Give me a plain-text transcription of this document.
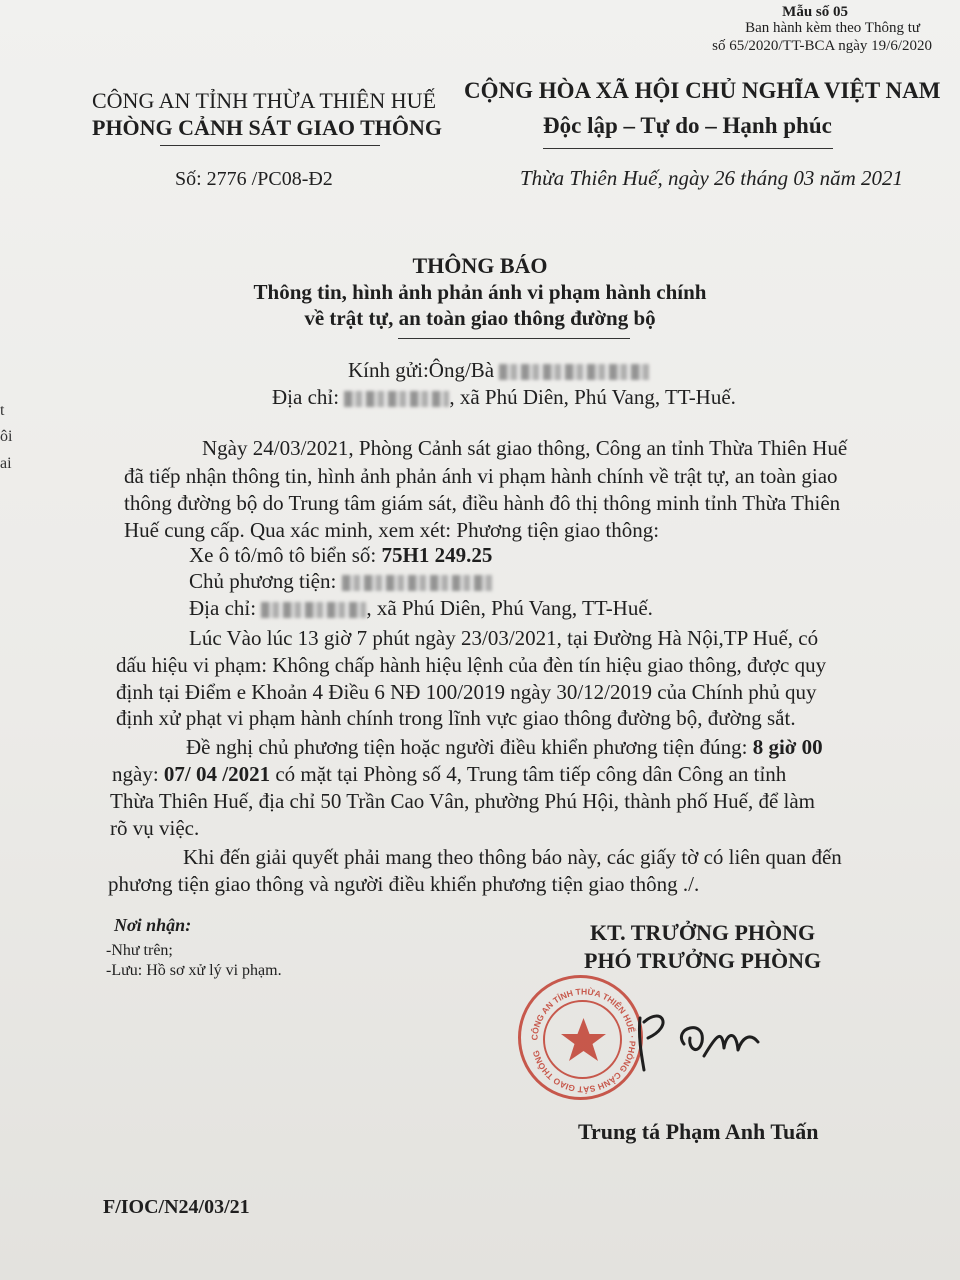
t
ôi
ai
Mẫu số 05
Ban hành kèm theo Thông tư
số 65/2020/TT-BCA ngày 19/6/2020
CÔNG AN TỈNH THỪA THIÊN HUẾ
PHÒNG CẢNH SÁT GIAO THÔNG
Số: 2776 /PC08-Đ2
CỘNG HÒA XÃ HỘI CHỦ NGHĨA VIỆT NAM
Độc lập – Tự do – Hạnh phúc
Thừa Thiên Huế, ngày 26 tháng 03 năm 2021
THÔNG BÁO
Thông tin, hình ảnh phản ánh vi phạm hành chính
về trật tự, an toàn giao thông đường bộ
Kính gửi:Ông/Bà
Địa chỉ:	, xã Phú Diên, Phú Vang, TT-Huế.
Ngày 24/03/2021, Phòng Cảnh sát giao thông, Công an tỉnh Thừa Thiên Huế
đã tiếp nhận thông tin, hình ảnh phản ánh vi phạm hành chính về trật tự, an toàn giao
thông đường bộ do Trung tâm giám sát, điều hành đô thị thông minh tỉnh Thừa Thiên
Huế cung cấp. Qua xác minh, xem xét: Phương tiện giao thông:
Xe ô tô/mô tô biển số: 75H1 249.25
Chủ phương tiện:
Địa chỉ:	, xã Phú Diên, Phú Vang, TT-Huế.
Lúc Vào lúc 13 giờ 7 phút ngày 23/03/2021, tại Đường Hà Nội,TP Huế, có
dấu hiệu vi phạm: Không chấp hành hiệu lệnh của đèn tín hiệu giao thông, được quy
định tại Điểm e Khoản 4 Điều 6 NĐ 100/2019 ngày 30/12/2019 của Chính phủ quy
định xử phạt vi phạm hành chính trong lĩnh vực giao thông đường bộ, đường sắt.
Đề nghị chủ phương tiện hoặc người điều khiển phương tiện đúng: 8 giờ 00
ngày: 07/ 04 /2021 có mặt tại Phòng số 4, Trung tâm tiếp công dân Công an tỉnh
Thừa Thiên Huế, địa chỉ 50 Trần Cao Vân, phường Phú Hội, thành phố Huế, để làm
rõ vụ việc.
Khi đến giải quyết phải mang theo thông báo này, các giấy tờ có liên quan đến
phương tiện giao thông và người điều khiển phương tiện giao thông ./.
Nơi nhận:
-Như trên;
-Lưu: Hồ sơ xử lý vi phạm.
KT. TRƯỞNG PHÒNG
PHÓ TRƯỞNG PHÒNG
CÔNG AN TỈNH THỪA THIÊN HUẾ · PHÒNG CẢNH SÁT GIAO THÔNG
Trung tá Phạm Anh Tuấn
F/IOC/N24/03/21
